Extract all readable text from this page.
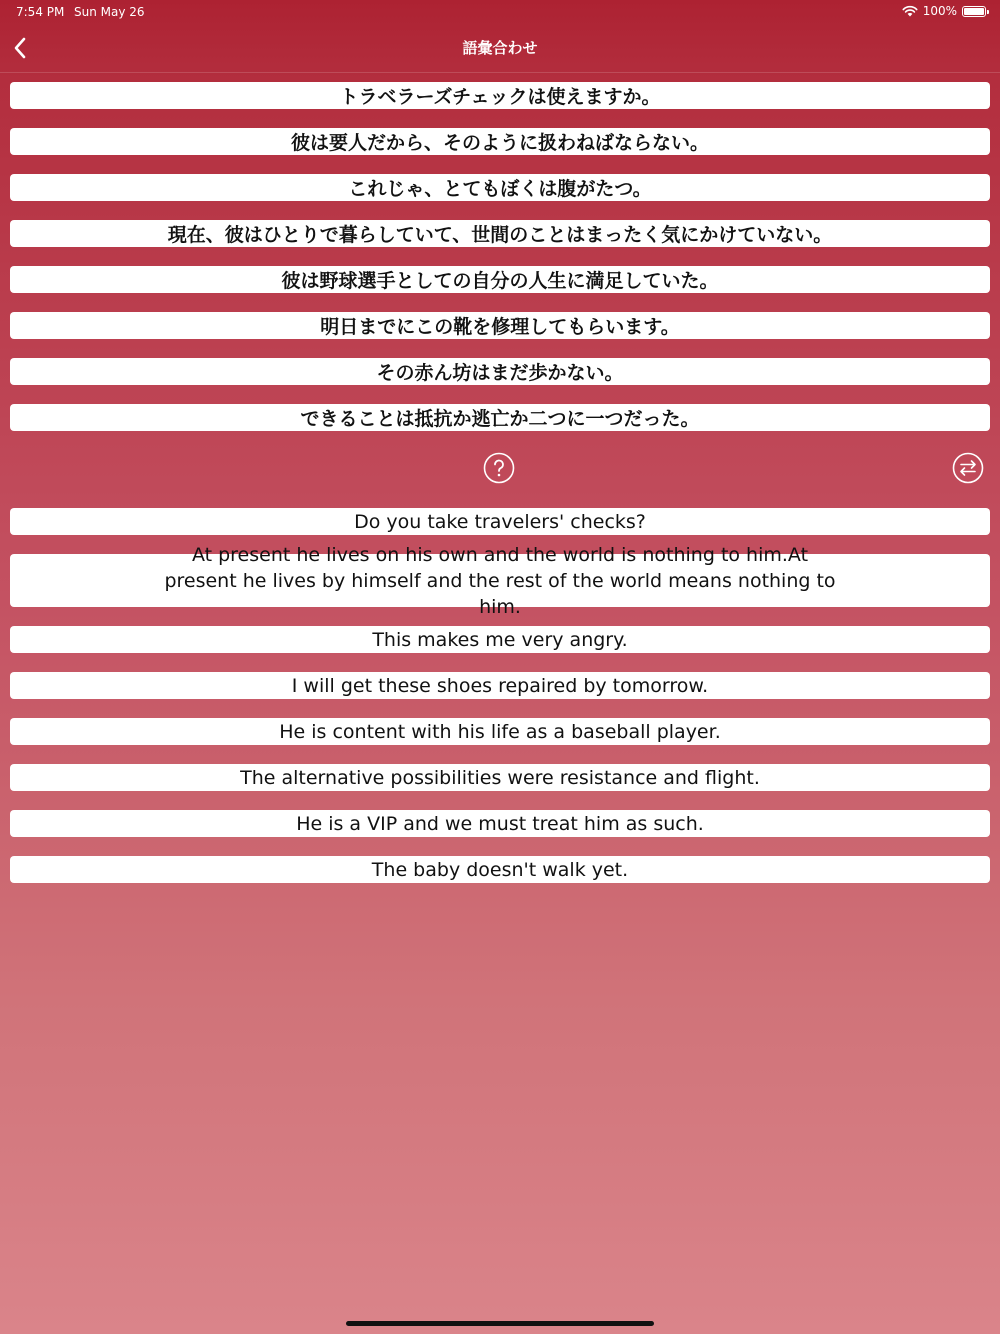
7:54 PM Sun May 26	100%
語彙合わせ
トラベラーズチェックは使えますか。
彼は要人だから、そのように扱わねばならない。
これじゃ、とてもぼくは腹がたつ。
現在、彼はひとりで暮らしていて、世間のことはまったく気にかけていない。
彼は野球選手としての自分の人生に満足していた。
明日までにこの靴を修理してもらいます。
その赤ん坊はまだ歩かない。
できることは抵抗か逃亡か二つに一つだった。
Do you take travelers' checks?
At present he lives on his own and the world is nothing to him.At present he lives by himself and the rest of the world means nothing to him.
This makes me very angry.
I will get these shoes repaired by tomorrow.
He is content with his life as a baseball player.
The alternative possibilities were resistance and flight.
He is a VIP and we must treat him as such.
The baby doesn't walk yet.
